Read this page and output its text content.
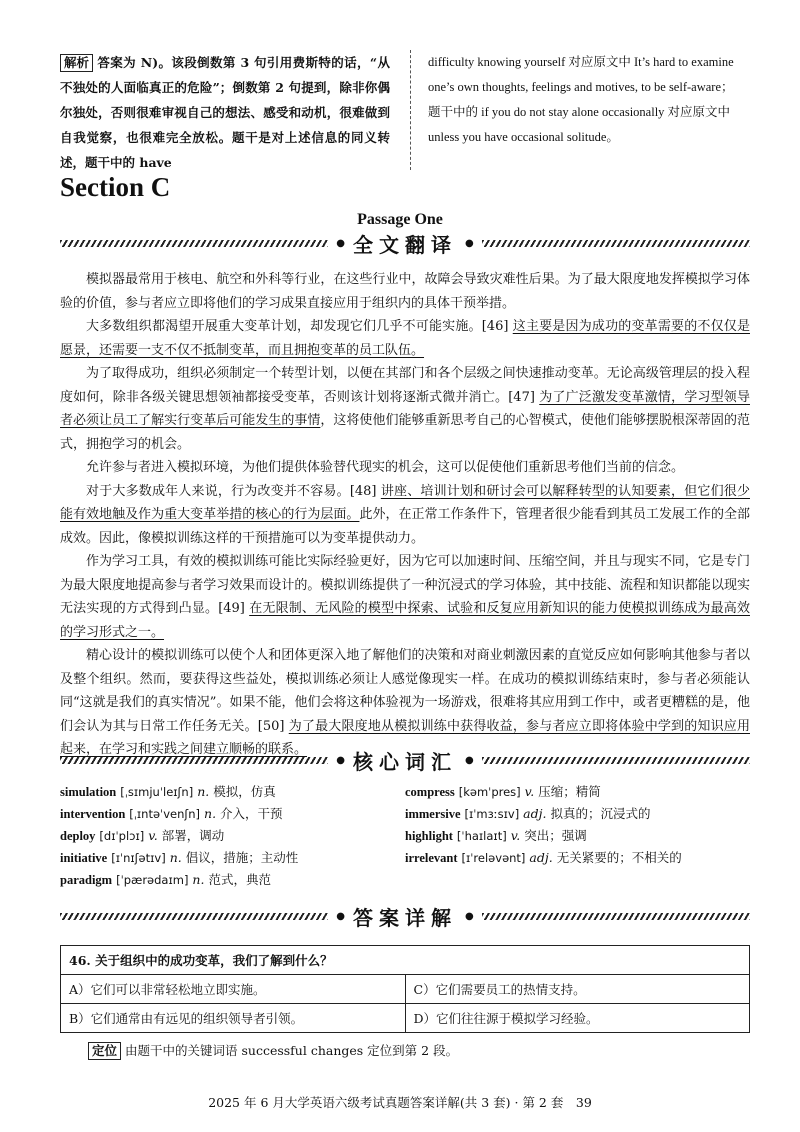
解析 答案为 N)。该段倒数第 3 句引用费斯特的话，“从不独处的人面临真正的危险”；倒数第 2 句提到，除非你偶尔独处，否则很难审视自己的想法、感受和动机，很难做到自我觉察，也很难完全放松。题干是对上述信息的同义转述，题干中的 have
difficulty knowing yourself 对应原文中 It’s hard to examine one’s own thoughts, feelings and motives, to be self-aware；题干中的 if you do not stay alone occasionally 对应原文中 unless you have occasional solitude。
Section C
Passage One
● 全文翻译 ●

模拟器最常用于核电、航空和外科等行业，在这些行业中，故障会导致灾难性后果。为了最大限度地发挥模拟学习体验的价值，参与者应立即将他们的学习成果直接应用于组织内的具体干预举措。

大多数组织都渴望开展重大变革计划，却发现它们几乎不可能实施。[46] 这主要是因为成功的变革需要的不仅仅是愿景，还需要一支不仅不抵制变革，而且拥抱变革的员工队伍。

为了取得成功，组织必须制定一个转型计划，以便在其部门和各个层级之间快速推动变革。无论高级管理层的投入程度如何，除非各级关键思想领袖都接受变革，否则该计划将逐渐式微并消亡。[47] 为了广泛激发变革激情，学习型领导者必须让员工了解实行变革后可能发生的事情，这将使他们能够重新思考自己的心智模式，使他们能够摆脱根深蒂固的范式，拥抱学习的机会。

允许参与者进入模拟环境，为他们提供体验替代现实的机会，这可以促使他们重新思考他们当前的信念。

对于大多数成年人来说，行为改变并不容易。[48] 讲座、培训计划和研讨会可以解释转型的认知要素，但它们很少能有效地触及作为重大变革举措的核心的行为层面。此外，在正常工作条件下，管理者很少能看到其员工发展工作的全部成效。因此，像模拟训练这样的干预措施可以为变革提供动力。

作为学习工具，有效的模拟训练可能比实际经验更好，因为它可以加速时间、压缩空间，并且与现实不同，它是专门为最大限度地提高参与者学习效果而设计的。模拟训练提供了一种沉浸式的学习体验，其中技能、流程和知识都能以现实无法实现的方式得到凸显。[49] 在无限制、无风险的模型中探索、试验和反复应用新知识的能力使模拟训练成为最高效的学习形式之一。

精心设计的模拟训练可以使个人和团体更深入地了解他们的决策和对商业刺激因素的直觉反应如何影响其他参与者以及整个组织。然而，要获得这些益处，模拟训练必须让人感觉像现实一样。在成功的模拟训练结束时，参与者必须能认同“这就是我们的真实情况”。如果不能，他们会将这种体验视为一场游戏，很难将其应用到工作中，或者更糟糕的是，他们会认为其与日常工作任务无关。[50] 为了最大限度地从模拟训练中获得收益，参与者应立即将体验中学到的知识应用起来，在学习和实践之间建立顺畅的联系。

● 核心词汇 ●
simulation [ˌsɪmjuˈleɪʃn] n. 模拟，仿真
intervention [ˌɪntəˈvenʃn] n. 介入，干预
deploy [dɪˈplɔɪ] v. 部署，调动
initiative [ɪˈnɪʃətɪv] n. 倡议，措施；主动性
paradigm [ˈpærədaɪm] n. 范式，典范
compress [kəmˈpres] v. 压缩；精简
immersive [ɪˈmɜːsɪv] adj. 拟真的；沉浸式的
highlight [ˈhaɪlaɪt] v. 突出；强调
irrelevant [ɪˈreləvənt] adj. 无关紧要的；不相关的
● 答案详解 ●
46. 关于组织中的成功变革，我们了解到什么？	
A）它们可以非常轻松地立即实施。	C）它们需要员工的热情支持。
B）它们通常由有远见的组织领导者引领。	D）它们往往源于模拟学习经验。
定位 由题干中的关键词语 successful changes 定位到第 2 段。
2025 年 6 月大学英语六级考试真题答案详解(共 3 套) · 第 2 套　39
